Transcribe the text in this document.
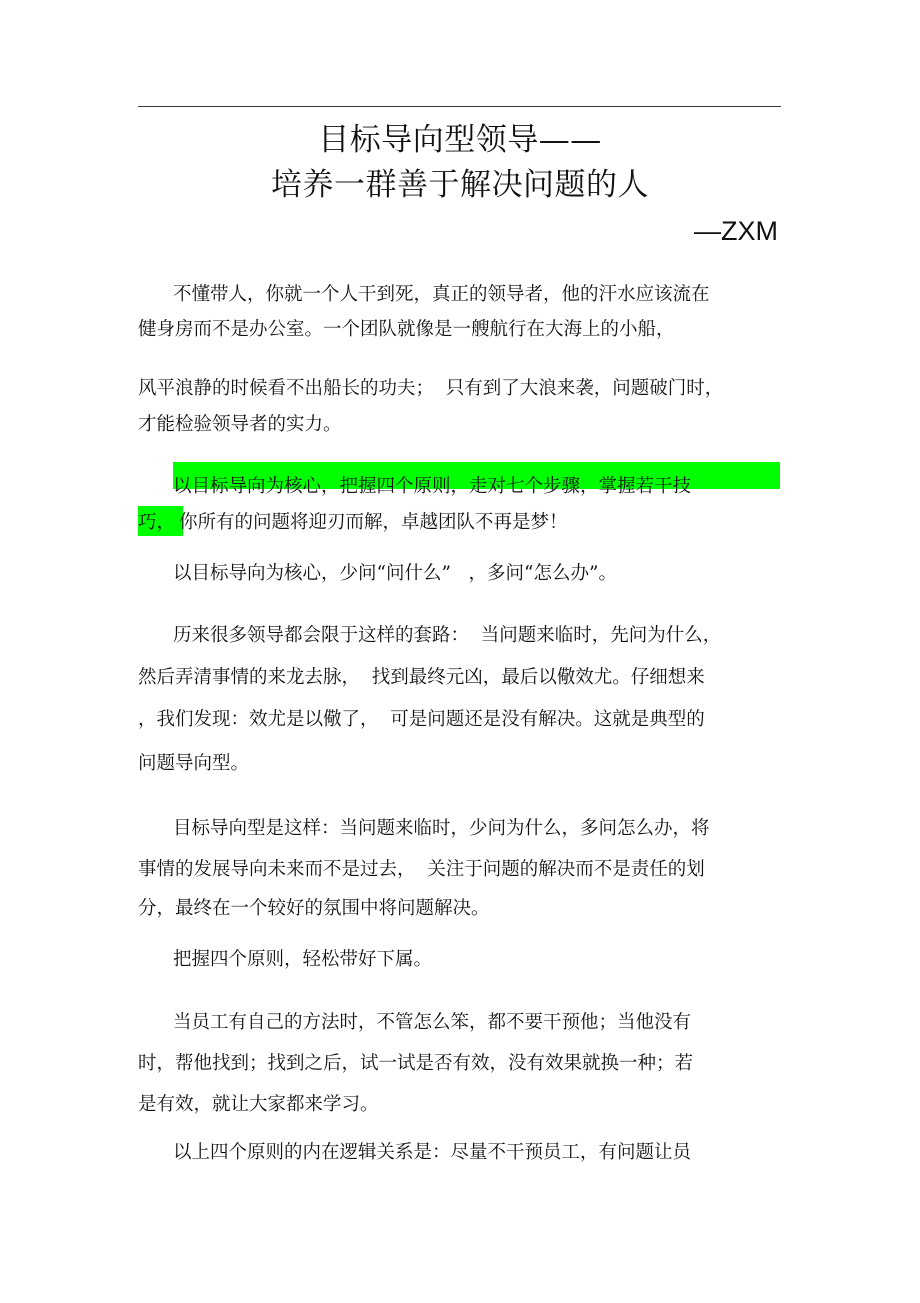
目标导向型领导——
培养一群善于解决问题的人
—ZXM
不懂带人，你就一个人干到死，真正的领导者，他的汗水应该流在
健身房而不是办公室。一个团队就像是一艘航行在大海上的小船，
风平浪静的时候看不出船长的功夫；  只有到了大浪来袭，问题破门时，
才能检验领导者的实力。
以目标导向为核心，把握四个原则，走对七个步骤，掌握若干技
巧， 你所有的问题将迎刃而解，卓越团队不再是梦！
以目标导向为核心，少问“问什么”   ，多问“怎么办”。
历来很多领导都会限于这样的套路：  当问题来临时，先问为什么，
然后弄清事情的来龙去脉，  找到最终元凶，最后以儆效尤。仔细想来
，我们发现：效尤是以儆了，  可是问题还是没有解决。这就是典型的
问题导向型。
目标导向型是这样：当问题来临时，少问为什么，多问怎么办，将
事情的发展导向未来而不是过去，  关注于问题的解决而不是责任的划
分，最终在一个较好的氛围中将问题解决。
把握四个原则，轻松带好下属。
当员工有自己的方法时，不管怎么笨，都不要干预他；当他没有
时，帮他找到；找到之后，试一试是否有效，没有效果就换一种；若
是有效，就让大家都来学习。
以上四个原则的内在逻辑关系是：尽量不干预员工，有问题让员
